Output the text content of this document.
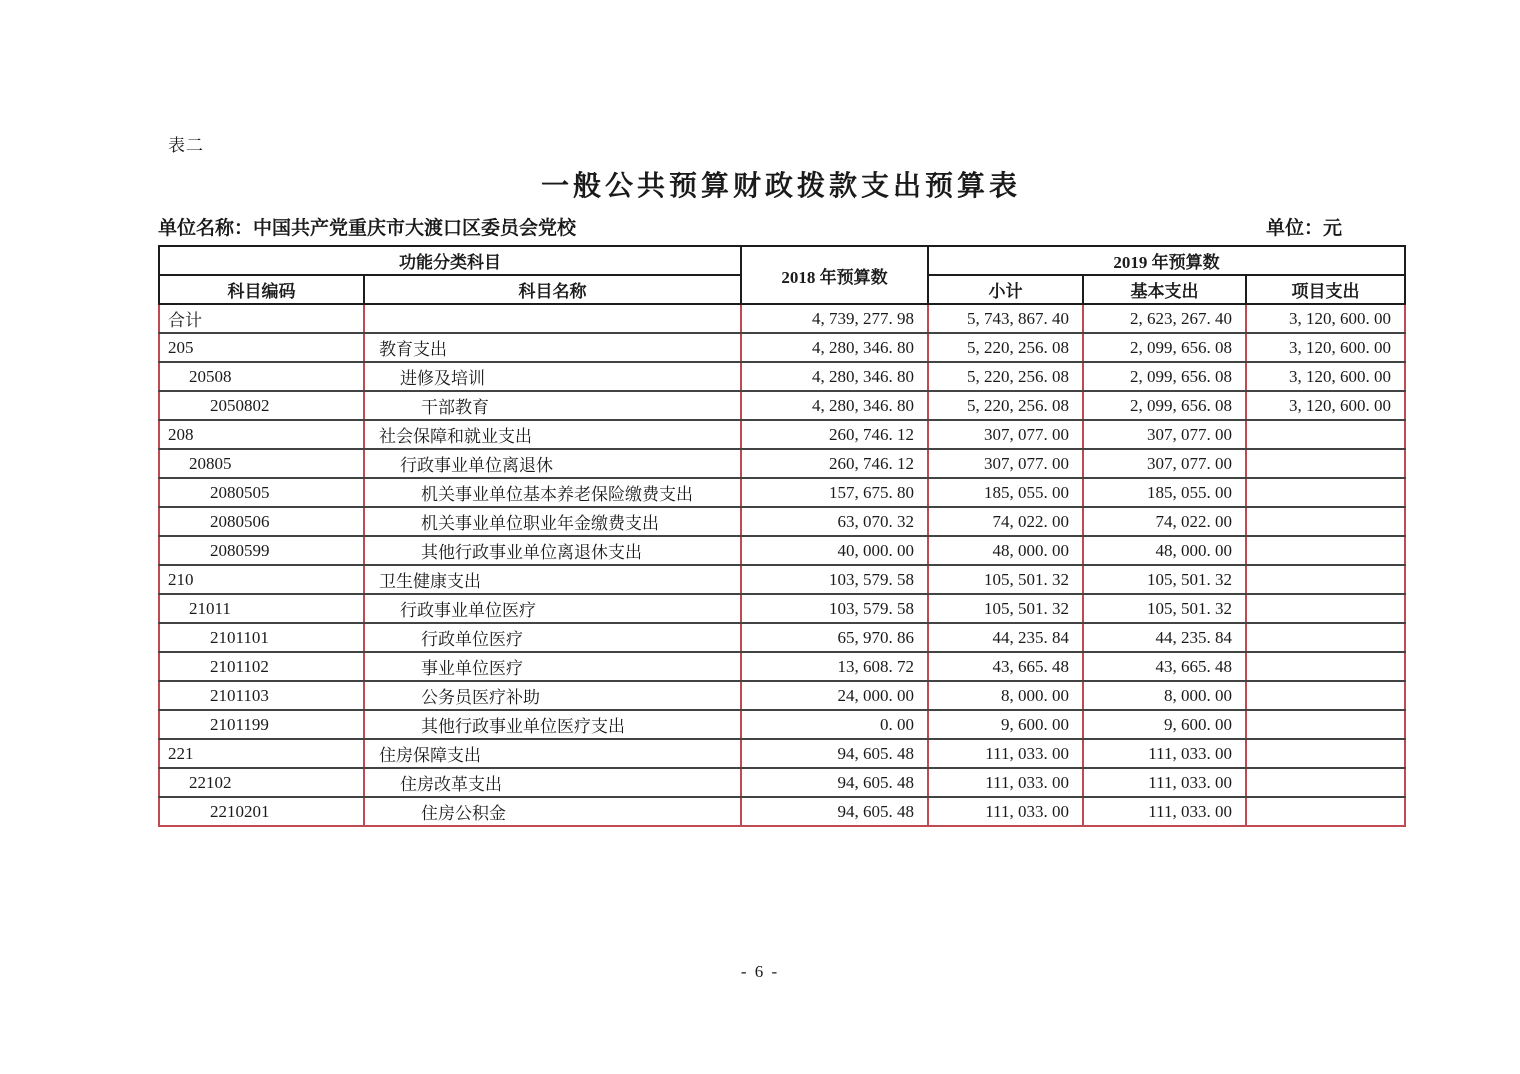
表二
一般公共预算财政拨款支出预算表
单位名称：中国共产党重庆市大渡口区委员会党校	单位：元
功能分类科目		2018 年预算数	2019 年预算数		
科目编码	科目名称		小计	基本支出	项目支出
合计		4, 739, 277. 98	5, 743, 867. 40	2, 623, 267. 40	3, 120, 600. 00
205	教育支出	4, 280, 346. 80	5, 220, 256. 08	2, 099, 656. 08	3, 120, 600. 00
20508	进修及培训	4, 280, 346. 80	5, 220, 256. 08	2, 099, 656. 08	3, 120, 600. 00
2050802	干部教育	4, 280, 346. 80	5, 220, 256. 08	2, 099, 656. 08	3, 120, 600. 00
208	社会保障和就业支出	260, 746. 12	307, 077. 00	307, 077. 00	
20805	行政事业单位离退休	260, 746. 12	307, 077. 00	307, 077. 00	
2080505	机关事业单位基本养老保险缴费支出	157, 675. 80	185, 055. 00	185, 055. 00	
2080506	机关事业单位职业年金缴费支出	63, 070. 32	74, 022. 00	74, 022. 00	
2080599	其他行政事业单位离退休支出	40, 000. 00	48, 000. 00	48, 000. 00	
210	卫生健康支出	103, 579. 58	105, 501. 32	105, 501. 32	
21011	行政事业单位医疗	103, 579. 58	105, 501. 32	105, 501. 32	
2101101	行政单位医疗	65, 970. 86	44, 235. 84	44, 235. 84	
2101102	事业单位医疗	13, 608. 72	43, 665. 48	43, 665. 48	
2101103	公务员医疗补助	24, 000. 00	8, 000. 00	8, 000. 00	
2101199	其他行政事业单位医疗支出	0. 00	9, 600. 00	9, 600. 00	
221	住房保障支出	94, 605. 48	111, 033. 00	111, 033. 00	
22102	住房改革支出	94, 605. 48	111, 033. 00	111, 033. 00	
2210201	住房公积金	94, 605. 48	111, 033. 00	111, 033. 00	
- 6 -
